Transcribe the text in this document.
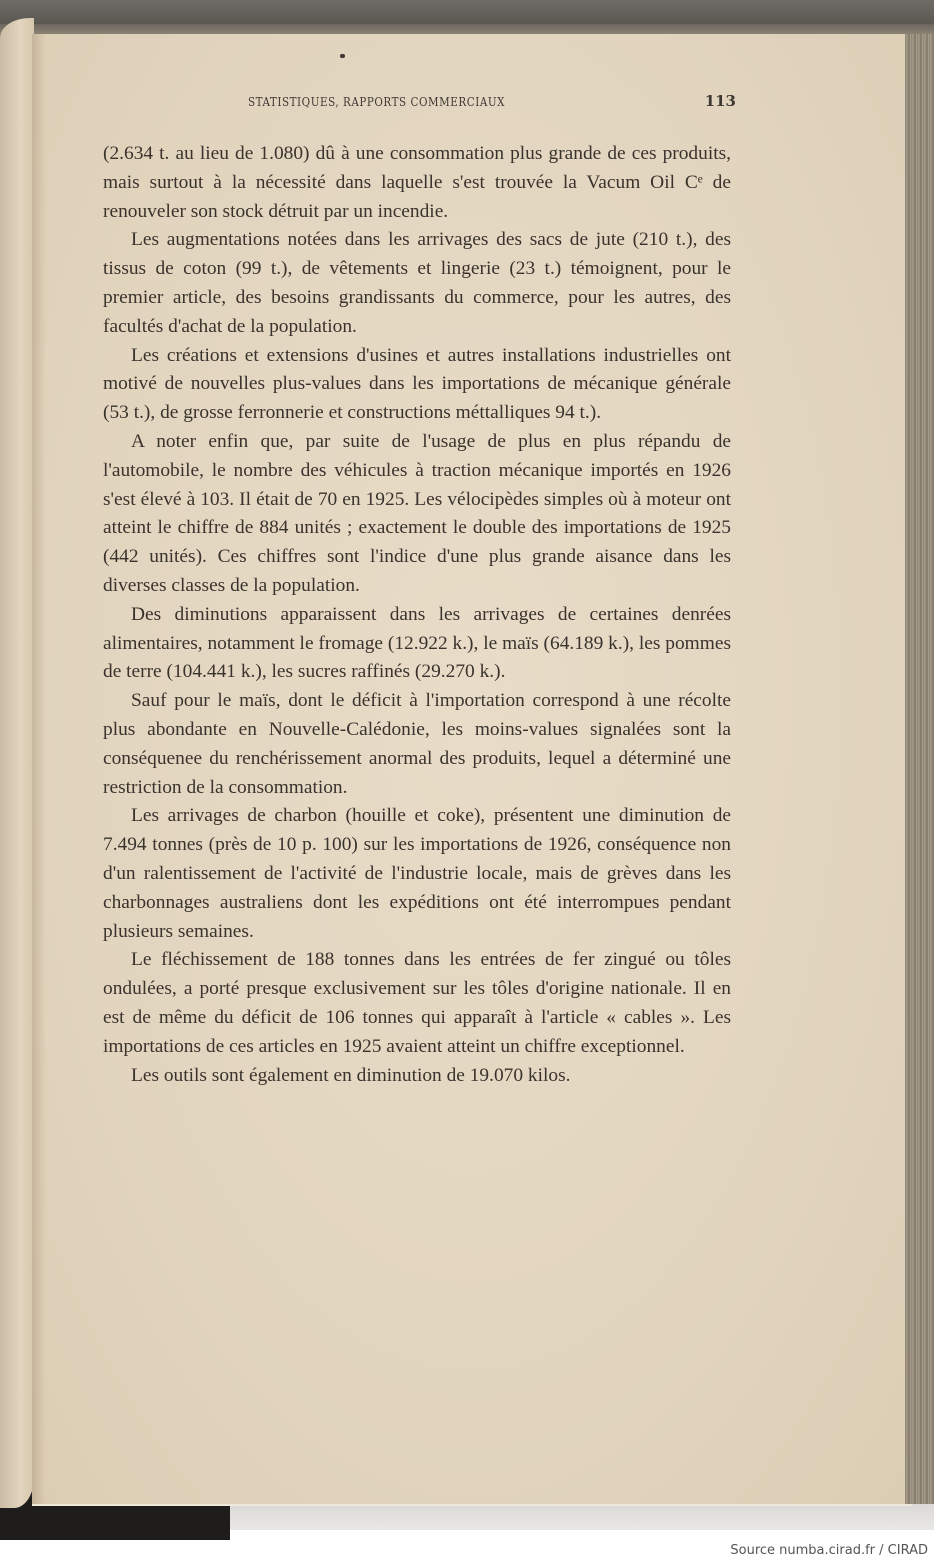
STATISTIQUES, RAPPORTS COMMERCIAUX	113

(2.634 t. au lieu de 1.080) dû à une consommation plus grande de ces produits, mais surtout à la nécessité dans laquelle s'est trouvée la Vacum Oil Cᵉ de renouveler son stock détruit par un incendie.

Les augmentations notées dans les arrivages des sacs de jute (210 t.), des tissus de coton (99 t.), de vêtements et lingerie (23 t.) témoignent, pour le premier article, des besoins grandissants du commerce, pour les autres, des facultés d'achat de la population.

Les créations et extensions d'usines et autres installations industrielles ont motivé de nouvelles plus-values dans les importations de mécanique générale (53 t.), de grosse ferronnerie et constructions méttalliques 94 t.).

A noter enfin que, par suite de l'usage de plus en plus répandu de l'automobile, le nombre des véhicules à traction mécanique importés en 1926 s'est élevé à 103. Il était de 70 en 1925. Les vélocipèdes simples où à moteur ont atteint le chiffre de 884 unités ; exactement le double des importations de 1925 (442 unités). Ces chiffres sont l'indice d'une plus grande aisance dans les diverses classes de la population.

Des diminutions apparaissent dans les arrivages de certaines denrées alimentaires, notamment le fromage (12.922 k.), le maïs (64.189 k.), les pommes de terre (104.441 k.), les sucres raffinés (29.270 k.).

Sauf pour le maïs, dont le déficit à l'importation correspond à une récolte plus abondante en Nouvelle-Calédonie, les moins-values signalées sont la conséquenee du renchérissement anormal des produits, lequel a déterminé une restriction de la consommation.

Les arrivages de charbon (houille et coke), présentent une diminution de 7.494 tonnes (près de 10 p. 100) sur les importations de 1926, conséquence non d'un ralentissement de l'activité de l'industrie locale, mais de grèves dans les charbonnages australiens dont les expéditions ont été interrompues pendant plusieurs semaines.

Le fléchissement de 188 tonnes dans les entrées de fer zingué ou tôles ondulées, a porté presque exclusivement sur les tôles d'origine nationale. Il en est de même du déficit de 106 tonnes qui apparaît à l'article « cables ». Les importations de ces articles en 1925 avaient atteint un chiffre exceptionnel.

Les outils sont également en diminution de 19.070 kilos.

Source numba.cirad.fr / CIRAD
